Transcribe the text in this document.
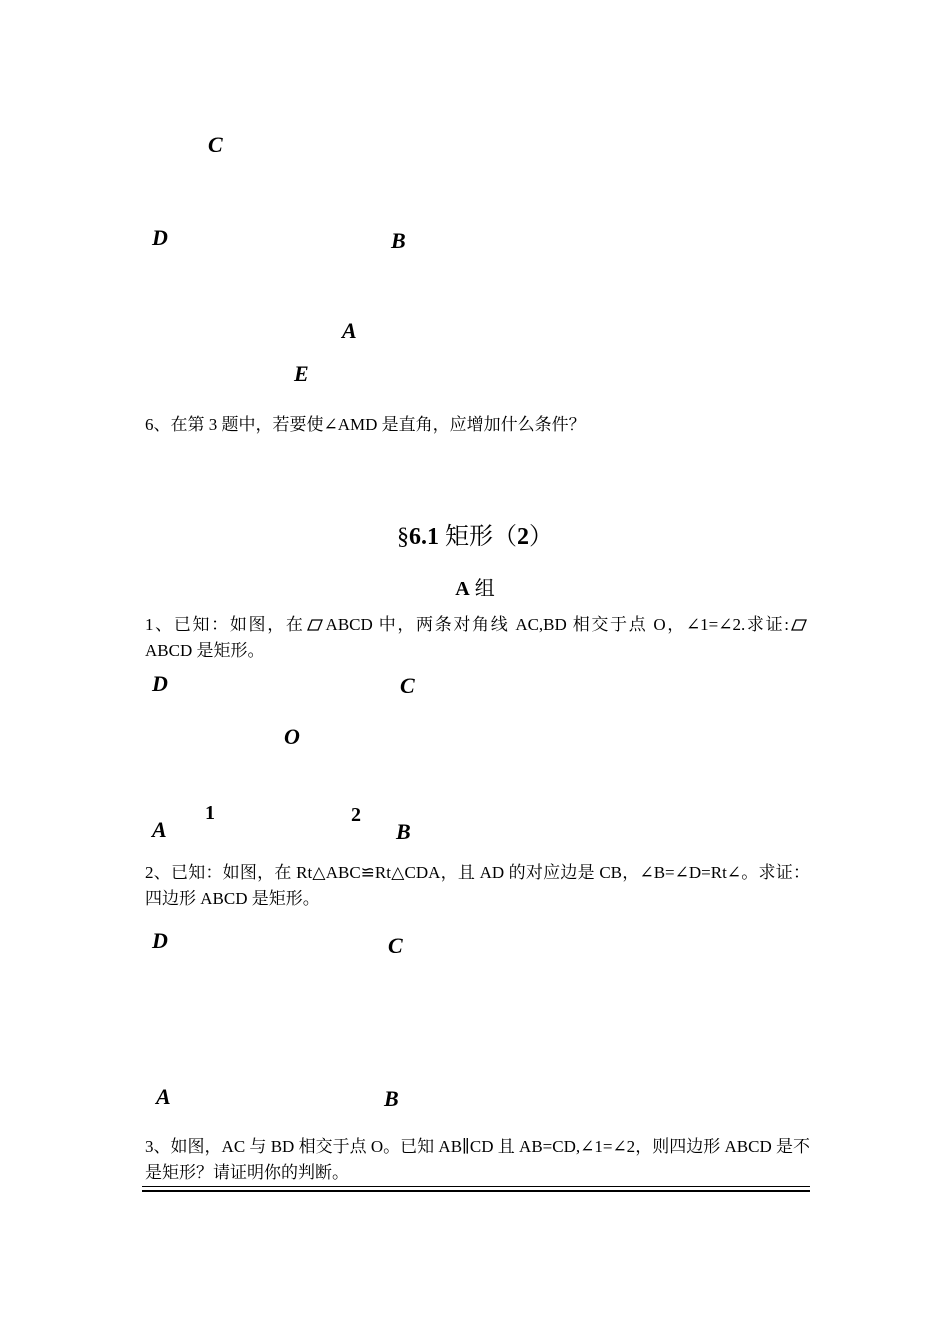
C
D	B
A
E
6、在第 3 题中，若要使∠AMD 是直角，应增加什么条件？
§6.1 矩形（2）
A 组
1、已知：如图，在 ABCD 中，两条对角线 AC,BD 相交于点 O，∠1=∠2.求证: ABCD 是矩形。
D	C
O
1	2
A	B
2、已知：如图，在 Rt△ABC≌Rt△CDA，且 AD 的对应边是 CB，∠B=∠D=Rt∠。求证：四边形 ABCD 是矩形。
D	C
A	B
3、如图，AC 与 BD 相交于点 O。已知 AB∥CD 且 AB=CD,∠1=∠2，则四边形 ABCD 是不是矩形？请证明你的判断。
